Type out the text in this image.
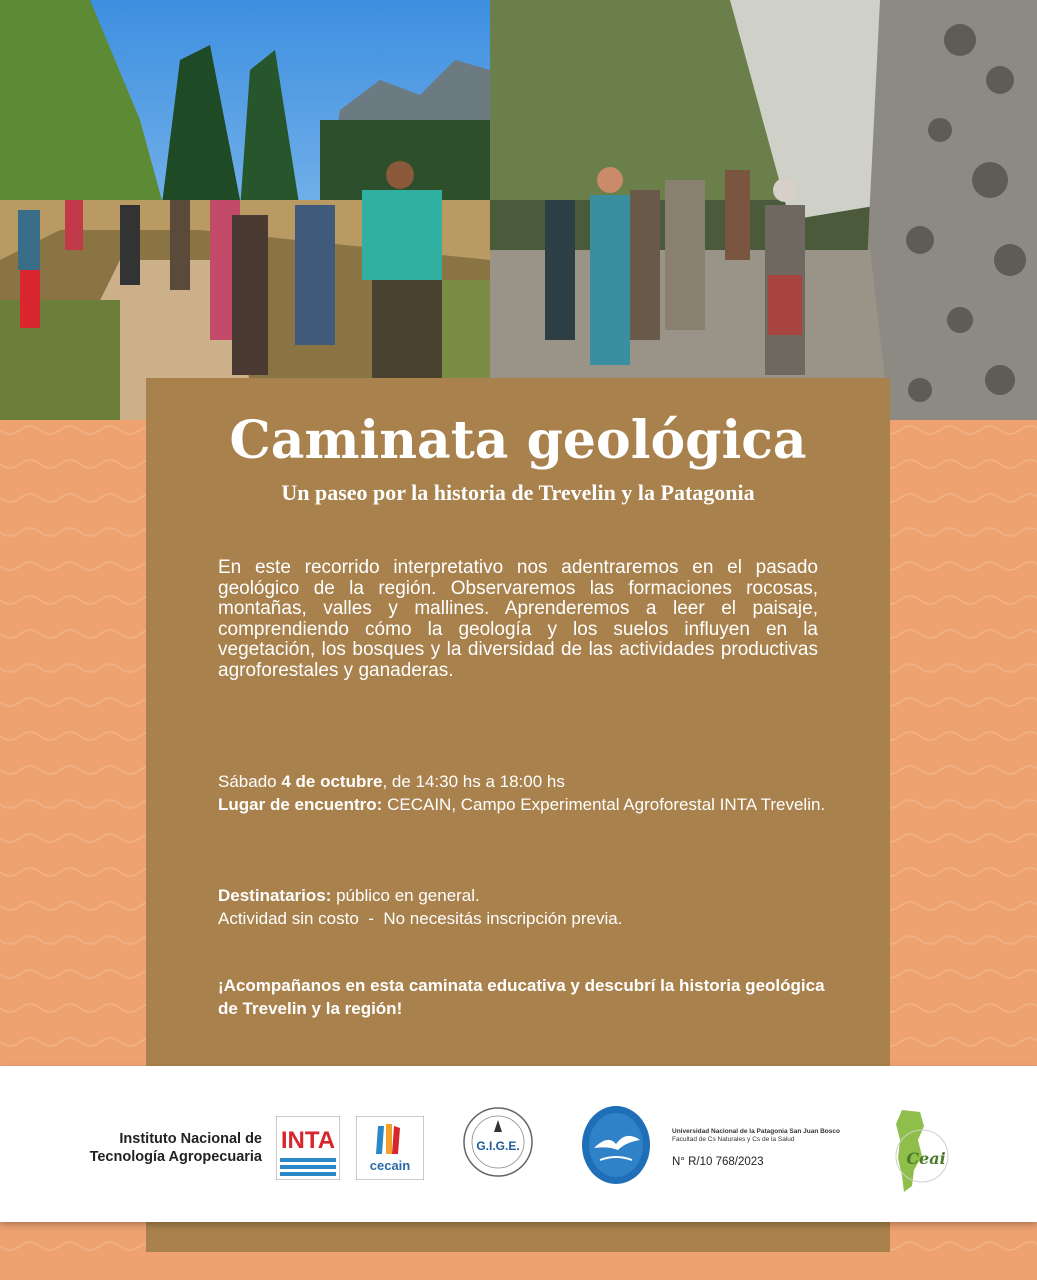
Caminata geológica
Un paseo por la historia de Trevelin y la Patagonia

En este recorrido interpretativo nos adentraremos en el pasado geológico de la región. Observaremos las formaciones rocosas, montañas, valles y mallines. Aprenderemos a leer el paisaje, comprendiendo cómo la geología y los suelos influyen en la vegetación, los bosques y la diversidad de las actividades productivas agroforestales y ganaderas.

Sábado 4 de octubre, de 14:30 hs a 18:00 hs
Lugar de encuentro: CECAIN, Campo Experimental Agroforestal INTA Trevelin.

Destinatarios: público en general.
Actividad sin costo  -  No necesitás inscripción previa.

¡Acompañanos en esta caminata educativa y descubrí la historia geológica de Trevelin y la región!

Instituto Nacional de Tecnología Agropecuaria
INTA
cecain
G.I.G.E.
Universidad Nacional de la Patagonia San Juan Bosco
Facultad de Cs Naturales y Cs de la Salud
N° R/10 768/2023	Ceai
